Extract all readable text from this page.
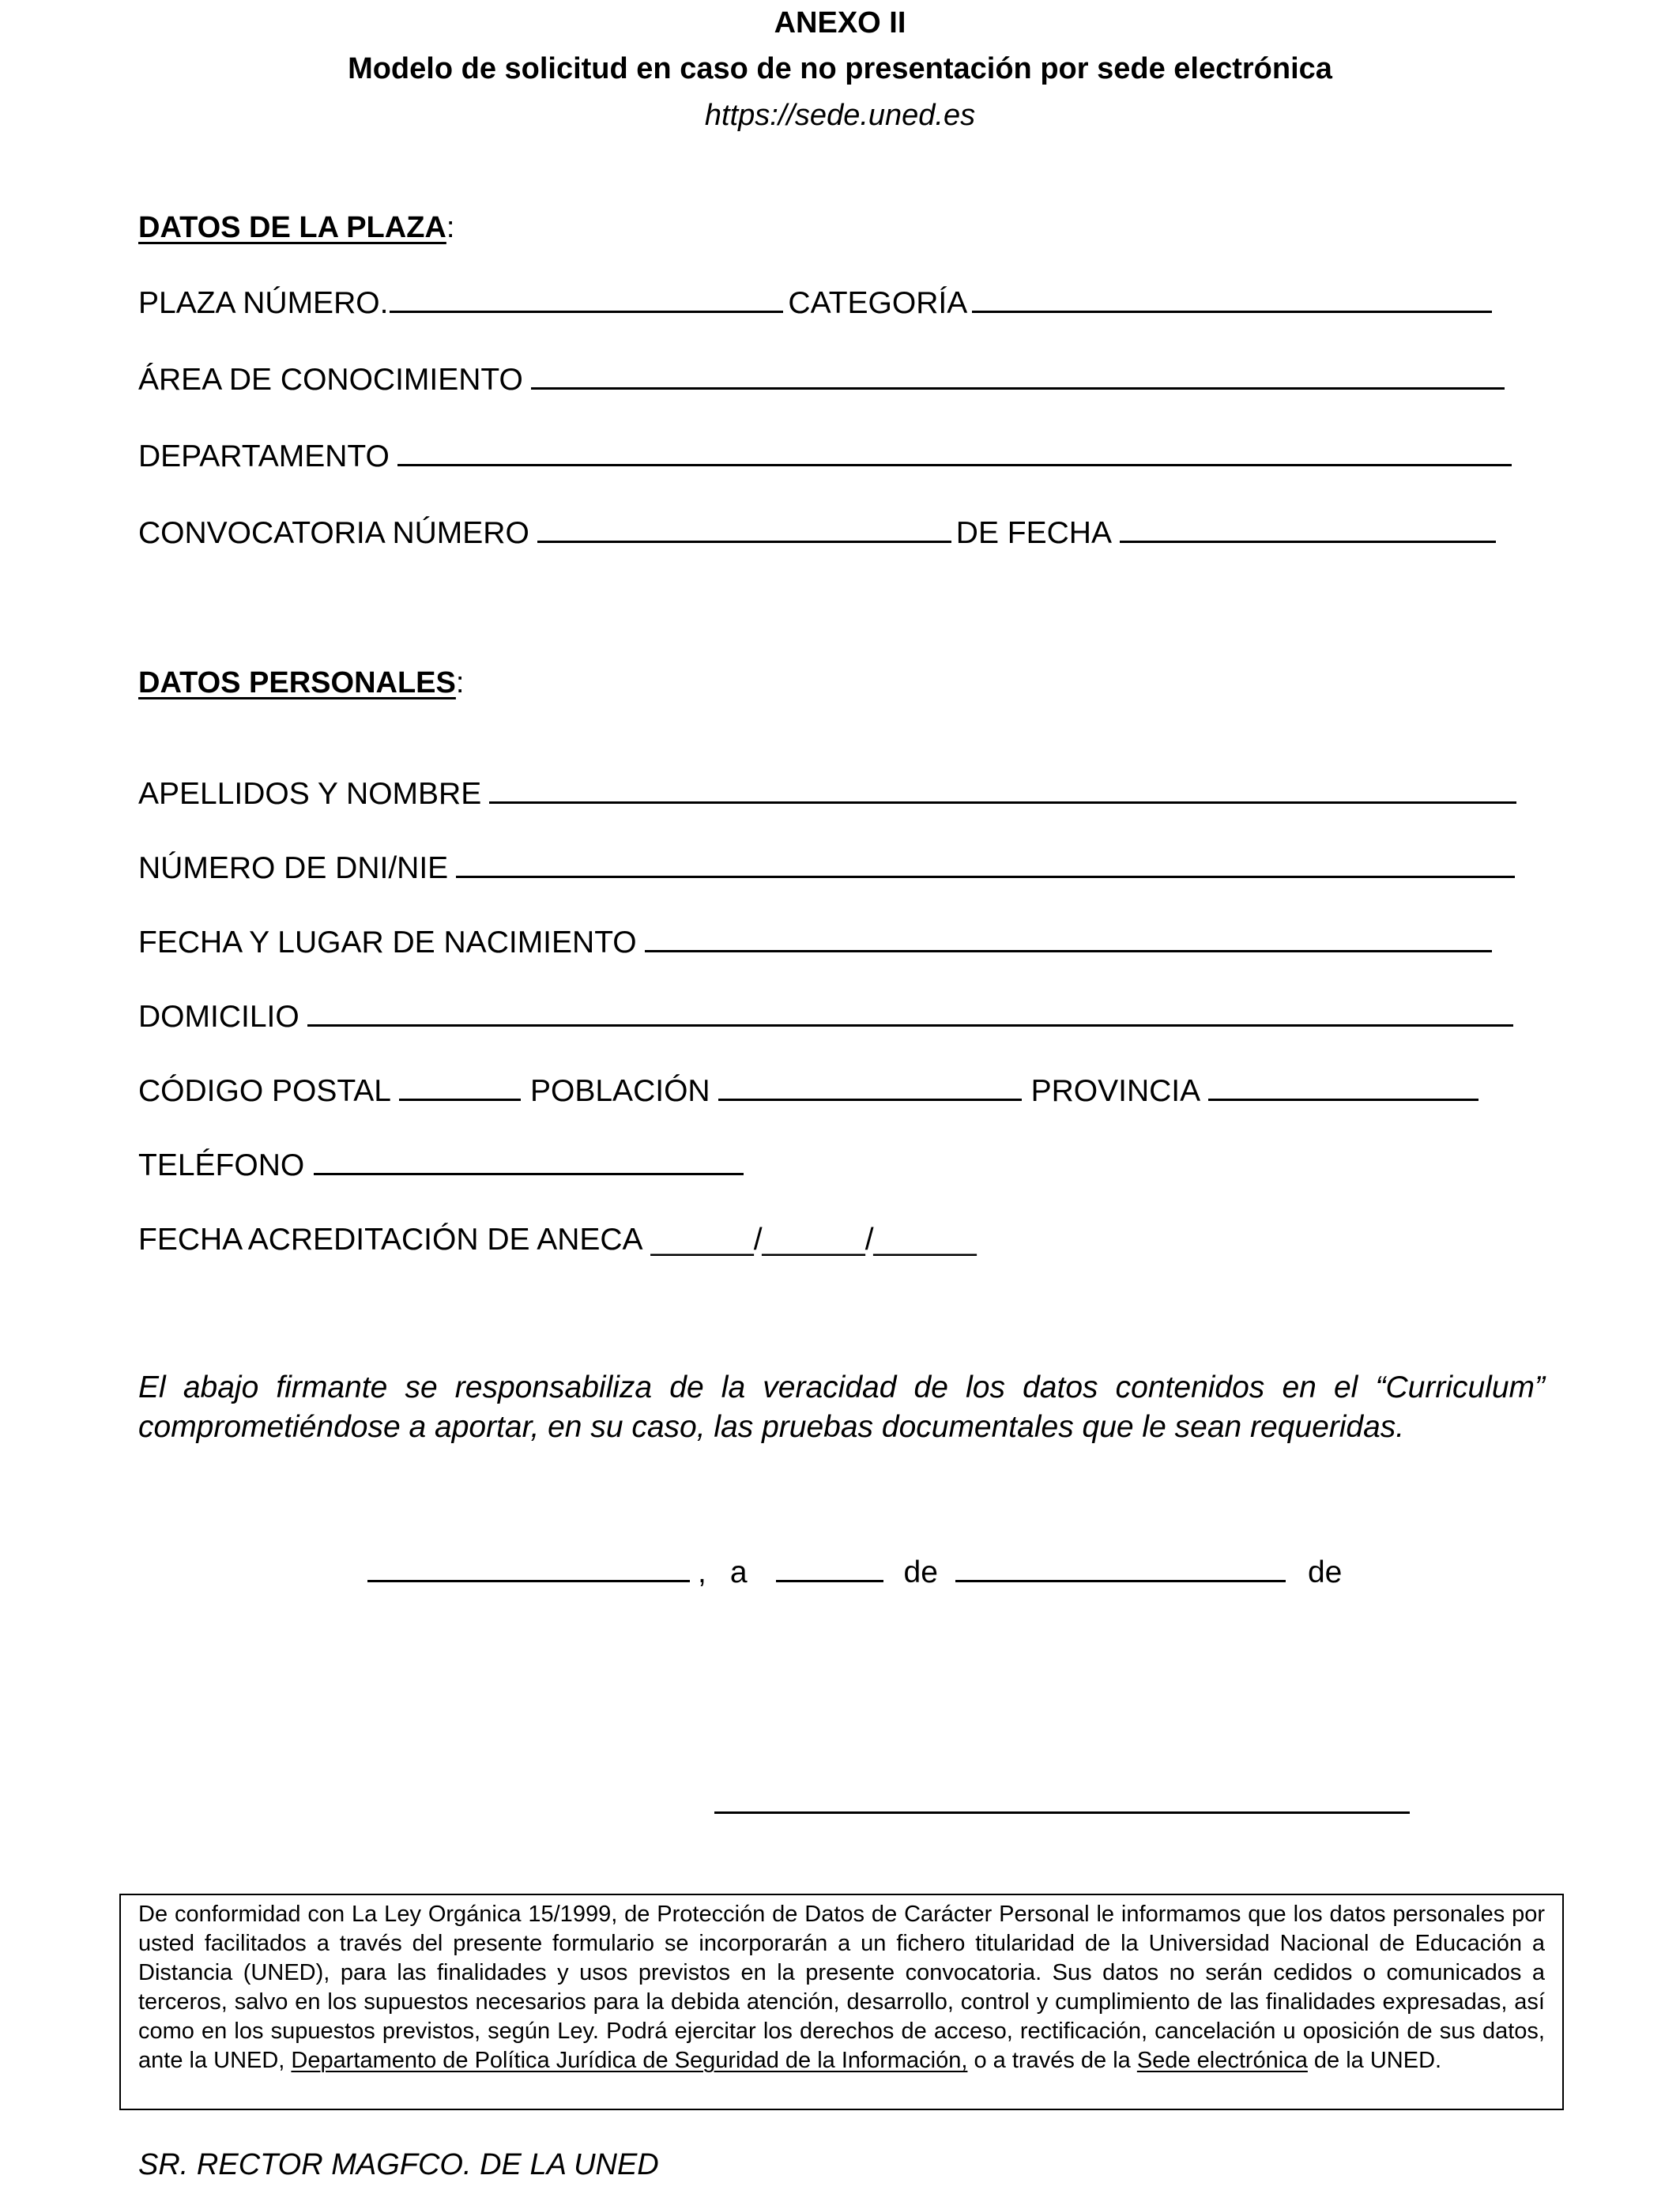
ANEXO II
Modelo de solicitud en caso de no presentación por sede electrónica
https://sede.uned.es
DATOS DE LA PLAZA:
PLAZA NÚMERO.	CATEGORÍA
ÁREA DE CONOCIMIENTO
DEPARTAMENTO
CONVOCATORIA NÚMERO	DE FECHA
DATOS PERSONALES:
APELLIDOS Y NOMBRE
NÚMERO DE DNI/NIE
FECHA Y LUGAR DE NACIMIENTO
DOMICILIO
CÓDIGO POSTAL	POBLACIÓN	PROVINCIA
TELÉFONO
FECHA ACREDITACIÓN DE ANECA ______/______/______
El abajo firmante se responsabiliza de la veracidad de los datos contenidos en el “Curriculum” comprometiéndose a aportar, en su caso, las pruebas documentales que le sean requeridas.
, a	de	de
De conformidad con La Ley Orgánica 15/1999, de Protección de Datos de Carácter Personal le informamos que los datos personales por usted facilitados a través del presente formulario se incorporarán a un fichero titularidad de la Universidad Nacional de Educación a Distancia (UNED), para las finalidades y usos previstos en la presente convocatoria. Sus datos no serán cedidos o comunicados a terceros, salvo en los supuestos necesarios para la debida atención, desarrollo, control y cumplimiento de las finalidades expresadas, así como en los supuestos previstos, según Ley. Podrá ejercitar los derechos de acceso, rectificación, cancelación u oposición de sus datos, ante la UNED, Departamento de Política Jurídica de Seguridad de la Información, o a través de la Sede electrónica de la UNED.
SR. RECTOR MAGFCO. DE LA UNED
